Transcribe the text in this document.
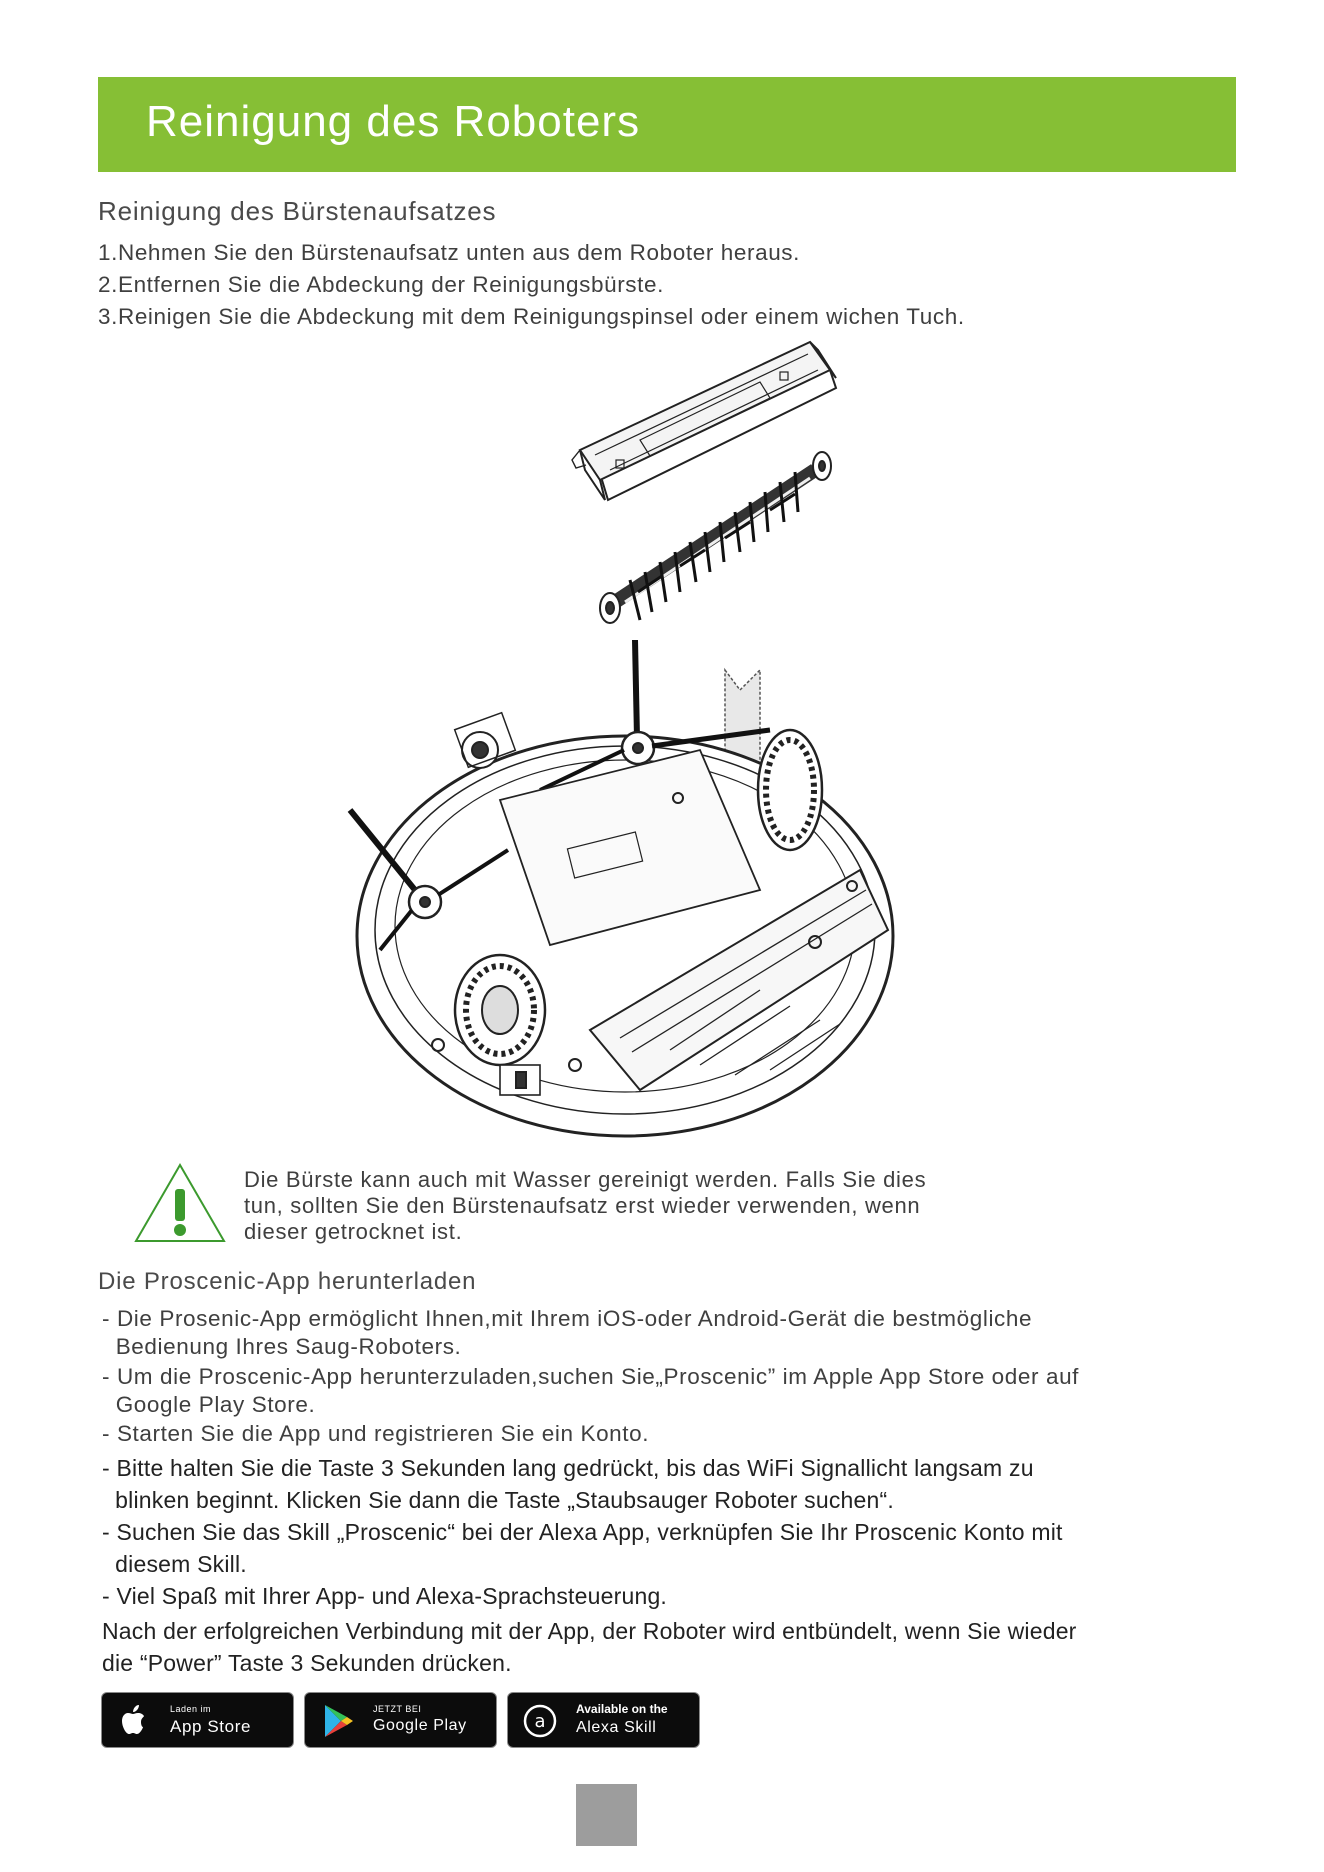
Reinigung des Roboters
Reinigung des Bürstenaufsatzes
1.Nehmen Sie den Bürstenaufsatz unten aus dem Roboter heraus.
2.Entfernen Sie die Abdeckung der Reinigungsbürste.
3.Reinigen Sie die Abdeckung mit dem Reinigungspinsel oder einem wichen Tuch.
Die Bürste kann auch mit Wasser gereinigt werden. Falls Sie dies
tun, sollten Sie den Bürstenaufsatz erst wieder verwenden, wenn
dieser getrocknet ist.
Die Proscenic-App herunterladen
- Die Prosenic-App ermöglicht Ihnen,mit Ihrem iOS-oder Android-Gerät die bestmögliche
Bedienung Ihres Saug-Roboters.
- Um die Proscenic-App herunterzuladen,suchen Sie„Proscenic” im Apple App Store oder auf
Google Play Store.
- Starten Sie die App und registrieren Sie ein Konto.
- Bitte halten Sie die Taste 3 Sekunden lang gedrückt, bis das WiFi Signallicht langsam zu
blinken beginnt. Klicken Sie dann die Taste „Staubsauger Roboter suchen“.
- Suchen Sie das Skill „Proscenic“ bei der Alexa App, verknüpfen Sie Ihr Proscenic Konto mit
diesem Skill.
- Viel Spaß mit Ihrer App- und Alexa-Sprachsteuerung.
Nach der erfolgreichen Verbindung mit der App, der Roboter wird entbündelt, wenn Sie wieder
die “Power” Taste 3 Sekunden drücken.
Laden im
App Store
JETZT BEI
Google Play	a
Available on the
Alexa Skill
